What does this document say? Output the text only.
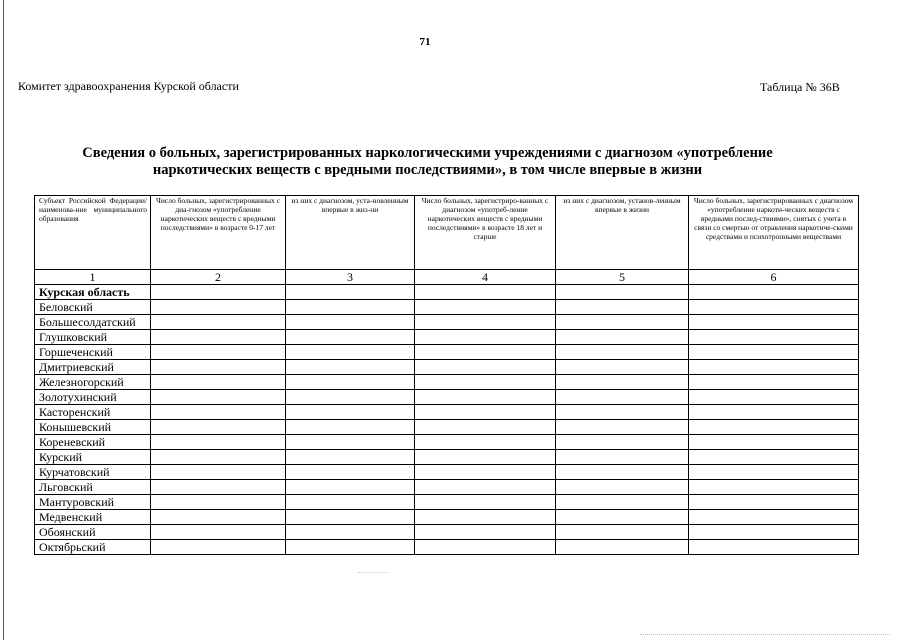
71
Комитет здравоохранения Курской области	Таблица № 36В
Сведения о больных, зарегистрированных наркологическими учреждениями с диагнозом «употребление
наркотических веществ с вредными последствиями», в том числе впервые в жизни
Субъект Российской Федерации/ наименова-ние муниципального образования	Число больных, зарегистрированных с диа-гнозом «употребление наркотических веществ с вредными последствиями» в возрасте 0-17 лет	из них с диагнозом, уста-новленным впервые в жиз-ни	Число больных, зарегистриро-ванных с диагнозом «употреб-ление наркотических веществ с вредными последствиями» в возрасте 18 лет и старше	из них с диагнозом, установ-ленным впервые в жизни	Число больных, зарегистрированных с диагнозом «употребление наркоти-ческих веществ с вредными послед-ствиями», снятых с учета в связи со смертью от отравления наркотиче-скими средствами и психотропными веществами
1	2	3	4	5	6
Курская область					
Беловский					
Большесолдатский					
Глушковский					
Горшеченский					
Дмитриевский					
Железногорский					
Золотухинский					
Касторенский					
Конышевский					
Кореневский					
Курский					
Курчатовский					
Льговский					
Мантуровский					
Медвенский					
Обоянский					
Октябрьский					
